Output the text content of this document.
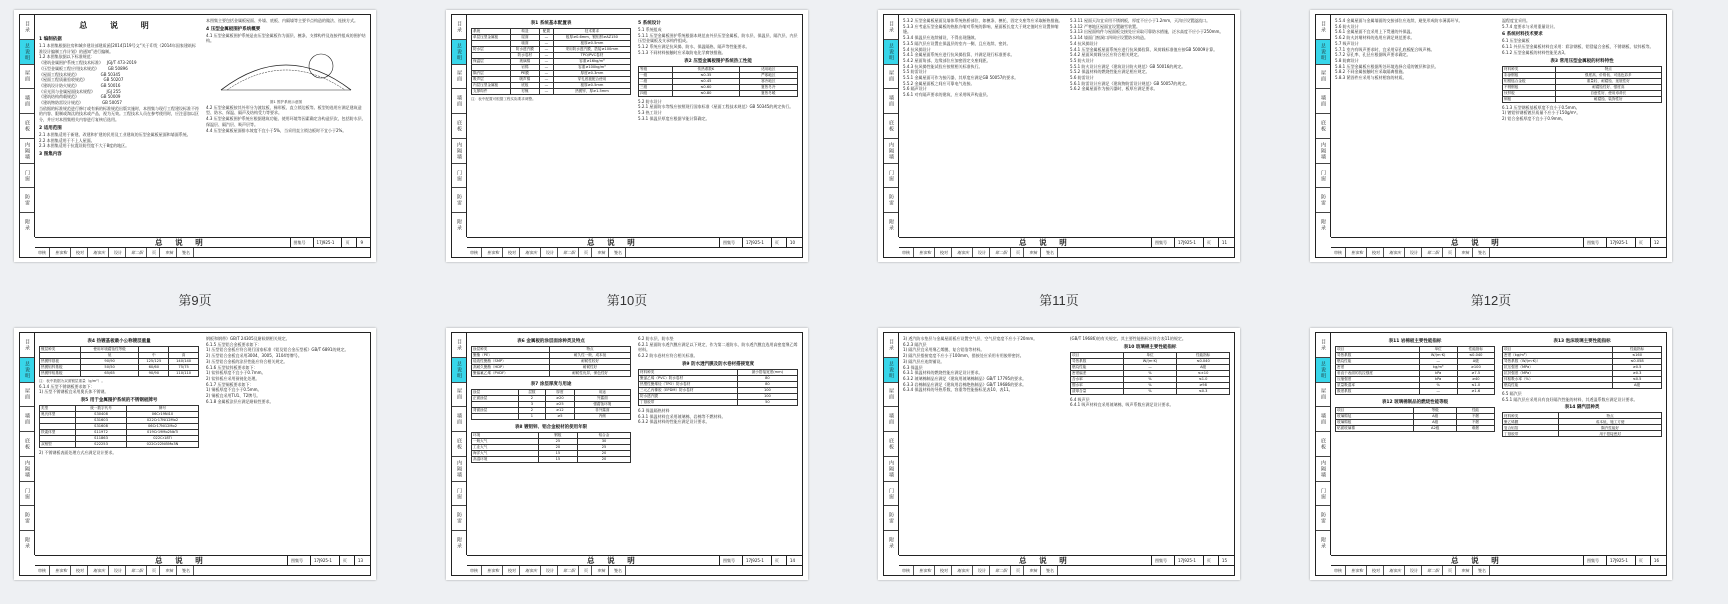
目录
总说明
屋面
墙面
底板
内隔墙
门窗
防雷
附录
总 说 明
1 编制依据
1.1 本图集根据住房和城乡建设部建质函[2014]119号文“关于印发《2014年国家建筑标准设计编制工作计划》的通知”进行编制。
1.2 本图集依据以下标准规范：
《建筑金属围护系统工程技术标准》   JGJ/T 473-2019
《压型金属板工程应用技术规范》       GB 50896
《屋面工程技术规范》                 GB 50345
《屋面工程质量验收规范》             GB 50207
《建筑设计防火规范》                 GB 50016
《采光顶与金属屋面技术规程》         JGJ 255
《建筑结构荷载规范》                 GB 50009
《建筑物防雷设计规范》               GB 50057
当依据的标准规范进行修订或有新的标准规范出版实施时，本图集与现行工程建设标准不符的内容、限制或淘汰的技术或产品，视为无效。工程技术人员在参考使用时，应注意加以区分，并应对本图集相关内容进行复核后选用。
2 适用范围
2.1 本图集适用于新建、改建和扩建的民用及工业建筑的压型金属板屋面和墙面系统。
2.2 本图集适用于不上人屋面。
2.3 本图集适用于抗震设防烈度不大于8度的地区。
3 图集内容
本图集主要包括金属板屋面、外墙、底板、内隔墙等主要节点构造的做法、连接方式。
4 压型金属板围护系统概要
4.1 压型金属板围护系统是由压型金属板作为面层、檩条、支撑构件及连接件组成的围护结构。
图1 围护系统示意图
4.2 压型金属板按其外形分为波纹板、梯形板、直立锁边板等。板型的选用应满足建筑造型、防水、保温、隔声及结构受力等要求。
4.3 压型金属板围护系统应根据建筑功能、使用环境等因素确定各构造层次，包括防水层、保温层、隔汽层、吸声层等。
4.4 压型金属板屋面排水坡度不宜小于5%，当采用直立锁边板时不宜小于2%。
总 说 明	图集号	17J925-1	页	9
审核	崔家和	校对	谢家庆	设计	郑二阳	页	审核	签名
第9页
目录
总说明
屋面
墙面
底板
内隔墙
门窗
防雷
附录
表1 系统基本配置表
系统	构造	配置	技术要求
单层压型金属板	屋面	—	板厚≥0.6mm，镀铝锌≥AZ150
	墙面	—	板厚≥0.5mm
防水层	防水透汽膜	—	采用防水透汽膜，搭接≥100mm
	防水卷材	—	TPO/PVC卷材
保温层	玻璃棉	—	容重≥16kg/m³
	岩棉	—	容重≥100kg/m³
隔汽层	PE膜	—	厚度≥0.3mm
吸声层	吸声棉	—	穿孔底板配合使用
内层压型金属板	底板	—	板厚≥0.5mm
支撑构件	衬檩	—	热镀锌，厚≥1.5mm
注：表中配置可根据工程实际要求调整。
5 系统设计
5.1 系统组成
5.1.1 压型金属板围护系统根据本规范由外层压型金属板、防水层、保温层、隔汽层、内层压型金属板及支承构件组成。
5.1.2 系统应满足抗风揭、防水、保温隔热、隔声等性能要求。
5.1.3 不同材料接触时应采取防电化学腐蚀措施。
表2 压型金属板围护系统热工性能
等级	传热系数K	适用地区
一级	≤0.35	严寒地区
二级	≤0.45	寒冷地区
三级	≤0.60	夏热冬冷
四级	≤0.80	夏热冬暖
5.2 防水设计
5.2.1 屋面防水等级应按照现行国家标准《屋面工程技术规范》GB 50345的规定执行。
5.3 热工设计
5.3.1 保温层厚度应根据节能计算确定。
总 说 明	图集号	17J925-1	页	10
审核	崔家和	校对	谢家庆	设计	郑二阳	页	审核	签名
第10页
目录
总说明
屋面
墙面
底板
内隔墙
门窗
防雷
附录
5.3.2 压型金属板屋面及墙体系统热桥部位，如檩条、檩托、固定支座等应采取断热措施。
5.3.3 应考虑压型金属板的热胀冷缩对系统的影响，屋面板长度大于规定值时应设置伸缩缝。
5.3.4 保温层应连续铺设，不得出现缝隙。
5.3.5 隔汽层应设置在保温层的室内一侧，且应连续、密封。
5.4 抗风揭设计
5.4.1 金属屋面系统应进行抗风揭验算，并满足现行标准要求。
5.4.2 屋面角部、边缘部位应加密固定支座间距。
5.4.3 抗风揭性能试验应按照相关标准执行。
5.5 防雷设计
5.5.1 金属屋面可作为接闪器，其厚度应满足GB 50057的要求。
5.5.2 金属屋面板之间应可靠电气连接。
5.6 隔声设计
5.6.1 对有隔声要求的建筑，应采用吸声构造层。
5.3.11 屋面天沟宜采用不锈钢板，厚度不应小于1.2mm，天沟应设置溢流口。
5.3.12 严寒地区屋面宜设置融雪装置。
5.3.13 出屋面构件与屋面板交接处应采取可靠防水措施，泛水高度不应小于250mm。
5.3.14 墙面门窗洞口四周应设置防水构造。
5.4 抗风揭设计
5.4.1 压型金属板屋面系统应进行抗风揭验算，风荷载标准值应按GB 50009计算。
5.4.2 屋面风荷载分区应符合相关规定。
5.5 防火设计
5.5.1 防火设计应满足《建筑设计防火规范》GB 50016的规定。
5.5.2 保温材料的燃烧性能应满足相应规定。
5.6 防雷设计
5.6.1 防雷设计应满足《建筑物防雷设计规范》GB 50057的规定。
5.6.2 金属屋面作为接闪器时，板厚应满足要求。
总 说 明	图集号	17J925-1	页	11
审核	崔家和	校对	谢家庆	设计	郑二阳	页	审核	签名
第11页
目录
总说明
屋面
墙面
底板
内隔墙
门窗
防雷
附录
5.5.4 金属屋面与金属墙面的交接部位应连续，避免形成防水薄弱环节。
5.6 防火设计
5.6.1 金属屋面不宜采用上下贯通的外保温。
5.6.2 防火封堵材料的选用应满足规范要求。
5.7 吸声设计
5.7.1 室内有吸声要求时，宜采用穿孔底板配合吸声棉。
5.7.2 穿孔率、孔径应根据吸声要求确定。
5.8 防腐设计
5.8.1 压型金属板应根据所处环境选择合适的镀层和涂层。
5.8.2 不同金属接触时应采取隔离措施。
5.8.3 紧固件应采用与板材相容的材质。
温程度宜采用。
5.7.4 度要求与采用重量设计。
6 系统材料技术要求
6.1 压型金属板
6.1.1 外层压型金属板材料宜采用：彩涂钢板、铝镁锰合金板、不锈钢板、钛锌板等。
6.1.2 压型金属板的材料性能见表3。
表3 常用压型金属板的材料特性
材料种类	特点
彩涂钢板	强度高、价格低、可选色彩多
铝镁锰合金板	重量轻、耐腐蚀、延展性好
不锈钢板	耐腐蚀性好、强度高
钛锌板	自愈性好、使用寿命长
铜板	耐腐蚀、装饰性好
6.1.3 压型钢板基板厚度不宜小于0.5mm。
1) 镀铝锌钢板镀层质量不应小于150g/m²。
2) 铝合金板厚度不宜小于0.9mm。
总 说 明	图集号	17J925-1	页	12
审核	崔家和	校对	谢家庆	设计	郑二阳	页	审核	签名
第12页
目录
总说明
屋面
墙面
底板
内隔墙
门窗
防雷
附录
表4 热镀基板最小公称镀层重量
镀层种类	使用环境腐蚀性等级		
	低	中	高
热镀锌基板	90/90	125/125	140/140
热镀铝锌基板	50/50	60/60	75/75
热镀锌铝基板	65/65	90/90	110/110
注：表中数据为双面镀层重量（g/m²）。
6.1.4 压型不锈钢板要求如下：
1) 压型不锈钢板宜采用奥氏体不锈钢。
表5 用于金属围护系统的不锈钢板牌号
类型	统一数字代号	牌号
奥氏体型	S30408	06Cr19Ni10
	S31603	022Cr17Ni12Mo2
	S31608	06Cr17Ni12Mo2
铁素体型	S11972	019Cr19Mo2NbTi
	S11863	022Cr18Ti
双相型	S22253	022Cr22Ni5Mo3N
2) 不锈钢板表面处理方式应满足设计要求。
钢板和钢带》GB/T 24305及耐候钢相关规定。
6.1.5 压型铝合金板要求如下：
1) 压型铝合金板应符合现行国家标准《铝及铝合金压型板》GB/T 6891的规定。
2) 压型铝合金板宜采用3004、3005、3104等牌号。
3) 压型铝合金板的涂层性能应符合相关规定。
6.1.6 压型钛锌板要求如下：
1) 钛锌板厚度不宜小于0.7mm。
2) 钛锌板应采用预钝化处理。
6.1.7 压型铜板要求如下：
1) 铜板厚度不宜小于0.5mm。
2) 铜板宜采用TU1、T2牌号。
6.1.8 金属板涂层应满足耐候性要求。
总 说 明	图集号	17J925-1	页	13
审核	崔家和	校对	谢家庆	设计	郑二阳	页	审核	签名
目录
总说明
屋面
墙面
底板
内隔墙
门窗
防雷
附录
表6 金属板的涂层面涂种类及特点
涂层种类	特点
聚酯（PE）	耐久性一般，成本低
硅改性聚酯（SMP）	耐候性较好
高耐久聚酯（HDP）	耐候性好
聚偏氟乙烯（PVDF）	耐候性优异，保色性好
表7 涂层厚度与用途
涂层	层数	厚度	用途
正面涂层	2	≥20	外露面
	3	≥25	强腐蚀环境
背面涂层	2	≥12	非外露面
	1	≥5	内侧
表8 镀铝锌、铝合金板材的使用年限
环境	钢板	铝合金
一般大气	25	30
工业大气	20	25
海洋大气	15	20
高湿环境	15	20
6.2 防水层、防水垫
6.2.1 屋面防水透汽膜应满足以下规定，作为第二道防水，防水透汽膜宜选用高密度聚乙烯材料。
6.2.2 防水卷材应符合相关标准。
表9 防水透汽膜及防水卷材搭接宽度
材料种类	最小搭接宽度(mm)
聚氯乙烯（PVC）防水卷材	80
热塑性聚烯烃（TPO）防水卷材	80
三元乙丙橡胶（EPDM）防水卷材	100
防水透汽膜	100
丁基胶带	50
6.3 保温隔热材料
6.3.1 保温材料宜采用玻璃棉、岩棉等不燃材料。
6.3.2 保温材料的性能应满足设计要求。
总 说 明	图集号	17J925-1	页	14
审核	崔家和	校对	谢家庆	设计	郑二阳	页	审核	签名
目录
总说明
屋面
墙面
底板
内隔墙
门窗
防雷
附录
3) 透汽防水垫层与金属屋面板应设置空气层，空气层宽度不应小于20mm。
6.2.3 隔汽层
1) 隔汽层宜采用聚乙烯膜、复合铝箔等材料。
2) 隔汽层搭接宽度不应小于100mm，搭接处应采用专用胶带密封。
3) 隔汽层应连续铺设。
6.3 保温层
6.3.1 保温材料的燃烧性能应满足设计要求。
6.3.2 玻璃棉制品应满足《建筑用玻璃棉制品》GB/T 17795的要求。
6.3.3 岩棉制品应满足《建筑用岩棉绝热制品》GB/T 19686的要求。
6.3.4 保温材料的导热系数、容重等性能指标见表10、表11。
(GB/T 19686)的有关规定。其主要性能指标应符合表11的规定。
表10 玻璃棉主要性能指标
项目	单位	性能指标
导热系数	W/(m·K)	≤0.040
燃烧性能	—	A级
密度偏差	%	≤±10
含水率	%	≤1.0
憎水率	%	≥98
渣球含量	%	≤0.3
6.4 吸声层
6.4.1 吸声材料宜采用玻璃棉，吸声系数应满足设计要求。
总 说 明	图集号	17J925-1	页	15
审核	崔家和	校对	谢家庆	设计	郑二阳	页	审核	签名
目录
总说明
屋面
墙面
底板
内隔墙
门窗
防雷
附录
表11 岩棉板主要性能指标
项目	单位	性能指标
导热系数	W/(m·K)	≤0.040
燃烧性能	—	A级
密度	kg/m³	≥100
垂直于表面的抗拉强度	kPa	≥7.5
压缩强度	kPa	≥40
质量吸湿率	%	≤1.0
酸度系数	—	≥1.6
表12 玻璃棉制品的燃烧性能等级
项目	等级	性能
玻璃棉毡	A级	不燃
玻璃棉板	A级	不燃
贴面玻璃棉	A2级	难燃
表13 泡沫玻璃主要性能指标
项目	性能指标
密度（kg/m³）	≤160
导热系数（W/(m·K)）	≤0.058
抗压强度（MPa）	≥0.5
抗折强度（MPa）	≥0.3
体积吸水率（%）	≤0.5
燃烧性能	A级
6.5 隔汽层
6.5.1 隔汽层应采用具有良好隔汽性能的材料，其透湿系数应满足设计要求。
表14 隔汽层种类
材料种类	特点
聚乙烯膜	成本低，施工方便
复合铝箔	隔汽性能好
丁基胶带	用于搭接密封
总 说 明	图集号	17J925-1	页	16
审核	崔家和	校对	谢家庆	设计	郑二阳	页	审核	签名
